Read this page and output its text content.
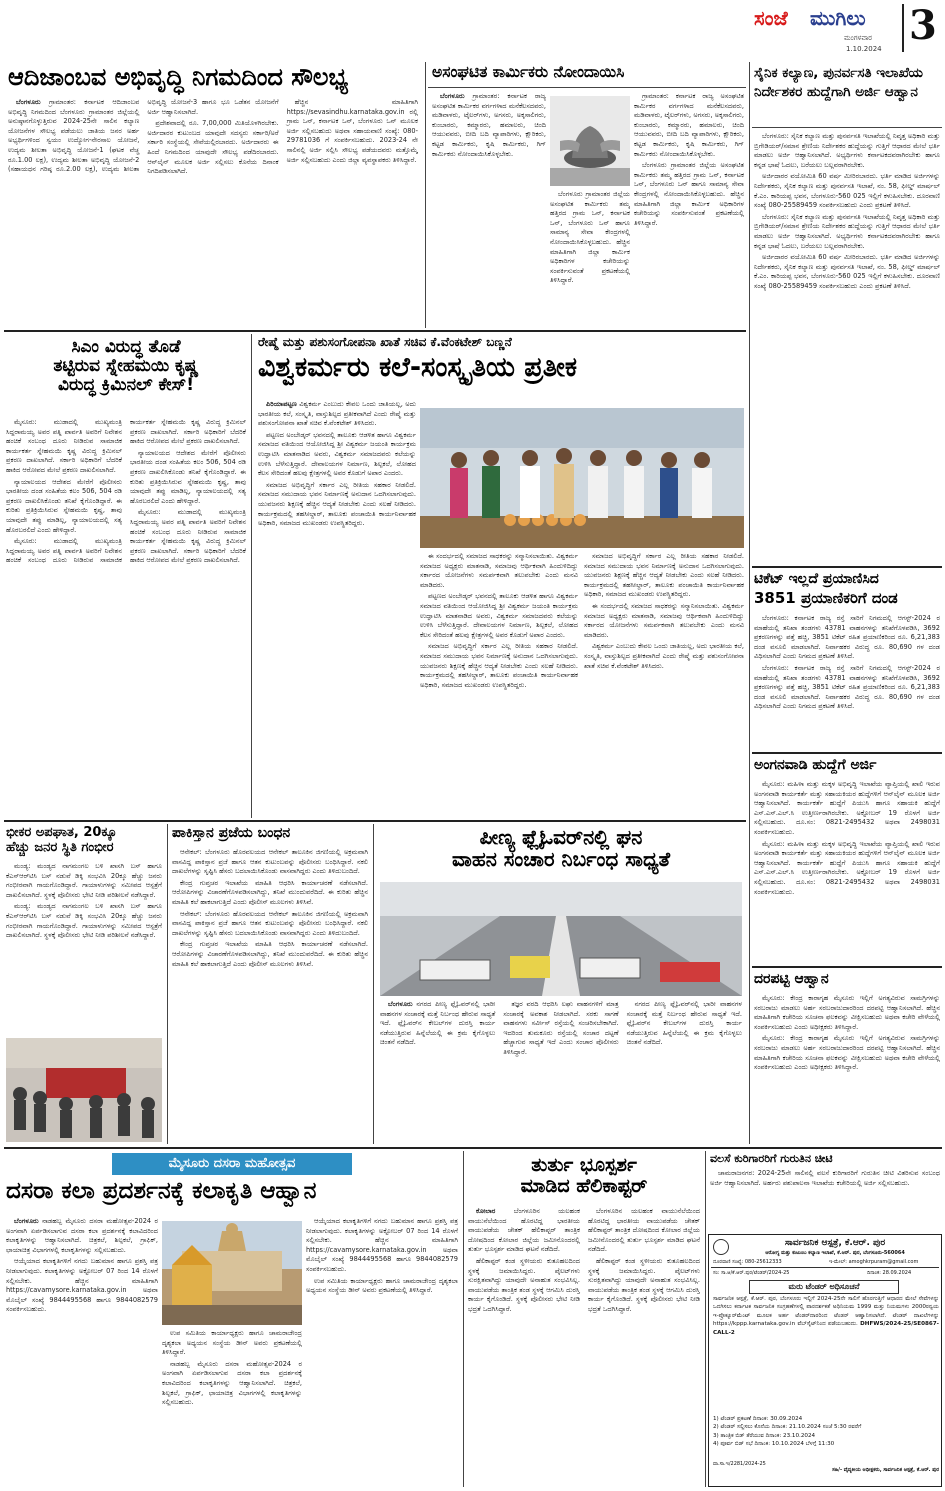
ಸಂಜೆ ಮುಗಿಲು
ಮಂಗಳವಾರ
1.10.2024 3
ಆದಿಜಾಂಬವ ಅಭಿವೃದ್ಧಿ ನಿಗಮದಿಂದ ಸೌಲಭ್ಯ

ಬೆಂಗಳೂರು ಗ್ರಾಮಾಂತರ: ಕರ್ನಾಟಕ ಆದಿಜಾಂಬವ ಅಭಿವೃದ್ಧಿ ನಿಗಮದಿಂದ ಬೆಂಗಳೂರು ಗ್ರಾಮಾಂತರ ಜಿಲ್ಲೆಯಲ್ಲಿ ಅನುಷ್ಠಾನಗೊಳ್ಳುತ್ತಿರುವ 2024-25ನೇ ಸಾಲಿನ ಕಲ್ಯಾಣ ಯೋಜನೆಗಳ ಸೌಲಭ್ಯ ಪಡೆಯಲು ಜಾತಿಯ ಜನರ ಅರ್ಹ ಅಭ್ಯರ್ಥಿಗಳಿಂದ ಸ್ವಯಂ ಉದ್ಯೋಗ-ನೇರಸಾಲ ಯೋಜನೆ, ಉದ್ಯಮ ಶೀಲತಾ ಅಭಿವೃದ್ಧಿ ಯೋಜನೆ-1 (ಘಟಕ ವೆಚ್ಚ ರೂ.1.00 ಲಕ್ಷ), ಉದ್ಯಮ ಶೀಲತಾ ಅಭಿವೃದ್ಧಿ ಯೋಜನೆ-2 (ಸಹಾಯಧನ ಗರಿಷ್ಠ ರೂ.2.00 ಲಕ್ಷ), ಉದ್ಯಮ ಶೀಲತಾ ಅಭಿವೃದ್ಧಿ ಯೋಜನೆ-3 ಹಾಗೂ ಭೂ ಒಡೆತನ ಯೋಜನೆಗೆ ಅರ್ಜಿ ಆಹ್ವಾನಿಸಲಾಗಿದೆ.

ಪ್ರದೇಶವಾದಲ್ಲಿ ರೂ. 7,00,000 ಮಿತಿಯೊಳಗಿರಬೇಕು. ಅರ್ಜಿದಾರರ ಕುಟುಂಬದ ಯಾವುದೇ ಸದಸ್ಯರು ಸರ್ಕಾರಿ/ಅರೆ ಸರ್ಕಾರಿ ಸಂಸ್ಥೆಯಲ್ಲಿ ಸೇವೆಯಲ್ಲಿರಬಾರದು. ಅರ್ಜಿದಾರರು ಈ ಹಿಂದೆ ನಿಗಮದಿಂದ ಯಾವುದೇ ಸೌಲಭ್ಯ ಪಡೆದಿರಬಾರದು. ಆನ್‌ಲೈನ್ ಮೂಲಕ ಅರ್ಜಿ ಸಲ್ಲಿಸಲು ಕೊನೆಯ ದಿನಾಂಕ ನಿಗದಿಪಡಿಸಲಾಗಿದೆ.

ಹೆಚ್ಚಿನ ಮಾಹಿತಿಗಾಗಿ https://sevasindhu.karnataka.gov.in ರಲ್ಲಿ ಗ್ರಾಮ ಒನ್, ಕರ್ನಾಟಕ ಒನ್, ಬೆಂಗಳೂರು ಒನ್ ಮೂಲಕ ಅರ್ಜಿ ಸಲ್ಲಿಸಬಹುದು ಅಥವಾ ಸಹಾಯವಾಣಿ ಸಂಖ್ಯೆ: 080-29781036 ಗೆ ಸಂಪರ್ಕಿಸಬಹುದು. 2023-24 ನೇ ಸಾಲಿನಲ್ಲಿ ಅರ್ಜಿ ಸಲ್ಲಿಸಿ ಸೌಲಭ್ಯ ಪಡೆಯದವರು ಮತ್ತೊಮ್ಮೆ ಅರ್ಜಿ ಸಲ್ಲಿಸಬಹುದು ಎಂದು ಜಿಲ್ಲಾ ವ್ಯವಸ್ಥಾಪಕರು ತಿಳಿಸಿದ್ದಾರೆ.

ಅಸಂಘಟಿತ ಕಾರ್ಮಿಕರು ನೋಂದಾಯಿಸಿ

ಬೆಂಗಳೂರು ಗ್ರಾಮಾಂತರ: ಕರ್ನಾಟಕ ರಾಜ್ಯ ಅಸಂಘಟಿತ ಕಾರ್ಮಿಕರ ವರ್ಗಗಳಾದ ಮನೆಕೆಲಸದವರು, ಮಡಿವಾಳರು, ಟೈಲರ್‌ಗಳು, ಅಗಸರು, ಅಕ್ಕಸಾಲಿಗರು, ಕುಂಬಾರರು, ಕಮ್ಮಾರರು, ಹಮಾಲರು, ಚಿಂದಿ ಆಯುವವರು, ಬೀದಿ ಬದಿ ವ್ಯಾಪಾರಿಗಳು, ಕ್ಷೌರಿಕರು, ಕಟ್ಟಡ ಕಾರ್ಮಿಕರು, ಕೃಷಿ ಕಾರ್ಮಿಕರು, ಗಿಗ್ ಕಾರ್ಮಿಕರು ನೋಂದಾಯಿಸಿಕೊಳ್ಳಬೇಕು.

ಬೆಂಗಳೂರು ಗ್ರಾಮಾಂತರ ಜಿಲ್ಲೆಯ ಅಸಂಘಟಿತ ಕಾರ್ಮಿಕರು ತಮ್ಮ ಹತ್ತಿರದ ಗ್ರಾಮ ಒನ್, ಕರ್ನಾಟಕ ಒನ್, ಬೆಂಗಳೂರು ಒನ್ ಹಾಗೂ ಸಾಮಾನ್ಯ ಸೇವಾ ಕೇಂದ್ರಗಳಲ್ಲಿ ನೋಂದಾಯಿಸಿಕೊಳ್ಳಬಹುದು. ಹೆಚ್ಚಿನ ಮಾಹಿತಿಗಾಗಿ ಜಿಲ್ಲಾ ಕಾರ್ಮಿಕ ಅಧಿಕಾರಿಗಳ ಕಚೇರಿಯನ್ನು ಸಂಪರ್ಕಿಸುವಂತೆ ಪ್ರಕಟಣೆಯಲ್ಲಿ ತಿಳಿಸಿದ್ದಾರೆ.

ಗ್ರಾಮಾಂತರ: ಕರ್ನಾಟಕ ರಾಜ್ಯ ಅಸಂಘಟಿತ ಕಾರ್ಮಿಕರ ವರ್ಗಗಳಾದ ಮನೆಕೆಲಸದವರು, ಮಡಿವಾಳರು, ಟೈಲರ್‌ಗಳು, ಅಗಸರು, ಅಕ್ಕಸಾಲಿಗರು, ಕುಂಬಾರರು, ಕಮ್ಮಾರರು, ಹಮಾಲರು, ಚಿಂದಿ ಆಯುವವರು, ಬೀದಿ ಬದಿ ವ್ಯಾಪಾರಿಗಳು, ಕ್ಷೌರಿಕರು, ಕಟ್ಟಡ ಕಾರ್ಮಿಕರು, ಕೃಷಿ ಕಾರ್ಮಿಕರು, ಗಿಗ್ ಕಾರ್ಮಿಕರು ನೋಂದಾಯಿಸಿಕೊಳ್ಳಬೇಕು.

ಬೆಂಗಳೂರು ಗ್ರಾಮಾಂತರ ಜಿಲ್ಲೆಯ ಅಸಂಘಟಿತ ಕಾರ್ಮಿಕರು ತಮ್ಮ ಹತ್ತಿರದ ಗ್ರಾಮ ಒನ್, ಕರ್ನಾಟಕ ಒನ್, ಬೆಂಗಳೂರು ಒನ್ ಹಾಗೂ ಸಾಮಾನ್ಯ ಸೇವಾ ಕೇಂದ್ರಗಳಲ್ಲಿ ನೋಂದಾಯಿಸಿಕೊಳ್ಳಬಹುದು. ಹೆಚ್ಚಿನ ಮಾಹಿತಿಗಾಗಿ ಜಿಲ್ಲಾ ಕಾರ್ಮಿಕ ಅಧಿಕಾರಿಗಳ ಕಚೇರಿಯನ್ನು ಸಂಪರ್ಕಿಸುವಂತೆ ಪ್ರಕಟಣೆಯಲ್ಲಿ ತಿಳಿಸಿದ್ದಾರೆ.

ಸೈನಿಕ ಕಲ್ಯಾಣ, ಪುನರ್ವಸತಿ ಇಲಾಖೆಯ ನಿರ್ದೇಶಕರ ಹುದ್ದೆಗಾಗಿ ಅರ್ಜಿ ಆಹ್ವಾನ

ಬೆಂಗಳೂರು: ಸೈನಿಕ ಕಲ್ಯಾಣ ಮತ್ತು ಪುನರ್ವಸತಿ ಇಲಾಖೆಯಲ್ಲಿ ನಿವೃತ್ತ ಅಧಿಕಾರಿ ಮತ್ತು ಬ್ರಿಗೇಡಿಯರ್/ಸಮಾನ ಶ್ರೇಣಿಯ ನಿರ್ದೇಶಕರ ಹುದ್ದೆಯನ್ನು ಗುತ್ತಿಗೆ ಆಧಾರದ ಮೇಲೆ ಭರ್ತಿ ಮಾಡಲು ಅರ್ಜಿ ಆಹ್ವಾನಿಸಲಾಗಿದೆ. ಅಭ್ಯರ್ಥಿಗಳು ಕರ್ನಾಟಕದವರಾಗಿರಬೇಕು ಹಾಗೂ ಕನ್ನಡ ಭಾಷೆ ಓದಲು, ಬರೆಯಲು ಬಲ್ಲವರಾಗಿರಬೇಕು.

ಅರ್ಜಿದಾರರ ವಯೋಮಿತಿ 60 ವರ್ಷ ಮೀರಿರಬಾರದು. ಭರ್ತಿ ಮಾಡಿದ ಅರ್ಜಿಗಳನ್ನು ನಿರ್ದೇಶಕರು, ಸೈನಿಕ ಕಲ್ಯಾಣ ಮತ್ತು ಪುನರ್ವಸತಿ ಇಲಾಖೆ, ನಂ. 58, ಫೀಲ್ಡ್ ಮಾರ್ಷಲ್ ಕೆ.ಎಂ. ಕಾರಿಯಪ್ಪ ಭವನ, ಬೆಂಗಳೂರು-560 025 ಇಲ್ಲಿಗೆ ಕಳುಹಿಸಬೇಕು. ದೂರವಾಣಿ ಸಂಖ್ಯೆ 080-25589459 ಸಂಪರ್ಕಿಸಬಹುದು ಎಂದು ಪ್ರಕಟಣೆ ತಿಳಿಸಿದೆ.

ಬೆಂಗಳೂರು: ಸೈನಿಕ ಕಲ್ಯಾಣ ಮತ್ತು ಪುನರ್ವಸತಿ ಇಲಾಖೆಯಲ್ಲಿ ನಿವೃತ್ತ ಅಧಿಕಾರಿ ಮತ್ತು ಬ್ರಿಗೇಡಿಯರ್/ಸಮಾನ ಶ್ರೇಣಿಯ ನಿರ್ದೇಶಕರ ಹುದ್ದೆಯನ್ನು ಗುತ್ತಿಗೆ ಆಧಾರದ ಮೇಲೆ ಭರ್ತಿ ಮಾಡಲು ಅರ್ಜಿ ಆಹ್ವಾನಿಸಲಾಗಿದೆ. ಅಭ್ಯರ್ಥಿಗಳು ಕರ್ನಾಟಕದವರಾಗಿರಬೇಕು ಹಾಗೂ ಕನ್ನಡ ಭಾಷೆ ಓದಲು, ಬರೆಯಲು ಬಲ್ಲವರಾಗಿರಬೇಕು.

ಅರ್ಜಿದಾರರ ವಯೋಮಿತಿ 60 ವರ್ಷ ಮೀರಿರಬಾರದು. ಭರ್ತಿ ಮಾಡಿದ ಅರ್ಜಿಗಳನ್ನು ನಿರ್ದೇಶಕರು, ಸೈನಿಕ ಕಲ್ಯಾಣ ಮತ್ತು ಪುನರ್ವಸತಿ ಇಲಾಖೆ, ನಂ. 58, ಫೀಲ್ಡ್ ಮಾರ್ಷಲ್ ಕೆ.ಎಂ. ಕಾರಿಯಪ್ಪ ಭವನ, ಬೆಂಗಳೂರು-560 025 ಇಲ್ಲಿಗೆ ಕಳುಹಿಸಬೇಕು. ದೂರವಾಣಿ ಸಂಖ್ಯೆ 080-25589459 ಸಂಪರ್ಕಿಸಬಹುದು ಎಂದು ಪ್ರಕಟಣೆ ತಿಳಿಸಿದೆ.

ಟಿಕೆಟ್ ಇಲ್ಲದೆ ಪ್ರಯಾಣಿಸಿದ
3851 ಪ್ರಯಾಣಿಕರಿಗೆ ದಂಡ

ಬೆಂಗಳೂರು: ಕರ್ನಾಟಕ ರಾಜ್ಯ ರಸ್ತೆ ಸಾರಿಗೆ ನಿಗಮದಲ್ಲಿ ಆಗಸ್ಟ್-2024 ರ ಮಾಹೆಯಲ್ಲಿ ತನಿಖಾ ತಂಡಗಳು 43781 ವಾಹನಗಳನ್ನು ತನಿಖೆಗೊಳಪಡಿಸಿ, 3692 ಪ್ರಕರಣಗಳನ್ನು ಪತ್ತೆ ಹಚ್ಚಿ, 3851 ಟಿಕೆಟ್ ರಹಿತ ಪ್ರಯಾಣಿಕರಿಂದ ರೂ. 6,21,383 ದಂಡ ವಸೂಲಿ ಮಾಡಲಾಗಿದೆ. ನಿರ್ವಾಹಕರ ವಿರುದ್ಧ ರೂ. 80,690 ಗಳ ದಂಡ ವಿಧಿಸಲಾಗಿದೆ ಎಂದು ನಿಗಮದ ಪ್ರಕಟಣೆ ತಿಳಿಸಿದೆ.

ಬೆಂಗಳೂರು: ಕರ್ನಾಟಕ ರಾಜ್ಯ ರಸ್ತೆ ಸಾರಿಗೆ ನಿಗಮದಲ್ಲಿ ಆಗಸ್ಟ್-2024 ರ ಮಾಹೆಯಲ್ಲಿ ತನಿಖಾ ತಂಡಗಳು 43781 ವಾಹನಗಳನ್ನು ತನಿಖೆಗೊಳಪಡಿಸಿ, 3692 ಪ್ರಕರಣಗಳನ್ನು ಪತ್ತೆ ಹಚ್ಚಿ, 3851 ಟಿಕೆಟ್ ರಹಿತ ಪ್ರಯಾಣಿಕರಿಂದ ರೂ. 6,21,383 ದಂಡ ವಸೂಲಿ ಮಾಡಲಾಗಿದೆ. ನಿರ್ವಾಹಕರ ವಿರುದ್ಧ ರೂ. 80,690 ಗಳ ದಂಡ ವಿಧಿಸಲಾಗಿದೆ ಎಂದು ನಿಗಮದ ಪ್ರಕಟಣೆ ತಿಳಿಸಿದೆ.

ಅಂಗನವಾಡಿ ಹುದ್ದೆಗೆ ಅರ್ಜಿ

ಮೈಸೂರು: ಮಹಿಳಾ ಮತ್ತು ಮಕ್ಕಳ ಅಭಿವೃದ್ಧಿ ಇಲಾಖೆಯ ವ್ಯಾಪ್ತಿಯಲ್ಲಿ ಖಾಲಿ ಇರುವ ಅಂಗನವಾಡಿ ಕಾರ್ಯಕರ್ತೆ ಮತ್ತು ಸಹಾಯಕಿಯರ ಹುದ್ದೆಗಳಿಗೆ ಆನ್‌ಲೈನ್ ಮೂಲಕ ಅರ್ಜಿ ಆಹ್ವಾನಿಸಲಾಗಿದೆ. ಕಾರ್ಯಕರ್ತೆ ಹುದ್ದೆಗೆ ಪಿಯುಸಿ ಹಾಗೂ ಸಹಾಯಕಿ ಹುದ್ದೆಗೆ ಎಸ್.ಎಸ್.ಎಲ್.ಸಿ ಉತ್ತೀರ್ಣರಾಗಿರಬೇಕು. ಅಕ್ಟೋಬರ್ 19 ರೊಳಗೆ ಅರ್ಜಿ ಸಲ್ಲಿಸಬಹುದು. ದೂ.ಸಂ: 0821-2495432 ಅಥವಾ 2498031 ಸಂಪರ್ಕಿಸಬಹುದು.

ಮೈಸೂರು: ಮಹಿಳಾ ಮತ್ತು ಮಕ್ಕಳ ಅಭಿವೃದ್ಧಿ ಇಲಾಖೆಯ ವ್ಯಾಪ್ತಿಯಲ್ಲಿ ಖಾಲಿ ಇರುವ ಅಂಗನವಾಡಿ ಕಾರ್ಯಕರ್ತೆ ಮತ್ತು ಸಹಾಯಕಿಯರ ಹುದ್ದೆಗಳಿಗೆ ಆನ್‌ಲೈನ್ ಮೂಲಕ ಅರ್ಜಿ ಆಹ್ವಾನಿಸಲಾಗಿದೆ. ಕಾರ್ಯಕರ್ತೆ ಹುದ್ದೆಗೆ ಪಿಯುಸಿ ಹಾಗೂ ಸಹಾಯಕಿ ಹುದ್ದೆಗೆ ಎಸ್.ಎಸ್.ಎಲ್.ಸಿ ಉತ್ತೀರ್ಣರಾಗಿರಬೇಕು. ಅಕ್ಟೋಬರ್ 19 ರೊಳಗೆ ಅರ್ಜಿ ಸಲ್ಲಿಸಬಹುದು. ದೂ.ಸಂ: 0821-2495432 ಅಥವಾ 2498031 ಸಂಪರ್ಕಿಸಬಹುದು.

ದರಪಟ್ಟಿ ಆಹ್ವಾನ

ಮೈಸೂರು: ಕೇಂದ್ರ ಕಾರಾಗೃಹ ಮೈಸೂರು ಇಲ್ಲಿಗೆ ಅಗತ್ಯವಿರುವ ಸಾಮಗ್ರಿಗಳನ್ನು ಸರಬರಾಜು ಮಾಡಲು ಅರ್ಹ ಸರಬರಾಜುದಾರರಿಂದ ದರಪಟ್ಟಿ ಆಹ್ವಾನಿಸಲಾಗಿದೆ. ಹೆಚ್ಚಿನ ಮಾಹಿತಿಗಾಗಿ ಕಚೇರಿಯ ಸೂಚನಾ ಫಲಕವನ್ನು ವೀಕ್ಷಿಸಬಹುದು ಅಥವಾ ಕಚೇರಿ ವೇಳೆಯಲ್ಲಿ ಸಂಪರ್ಕಿಸಬಹುದು ಎಂದು ಅಧೀಕ್ಷಕರು ತಿಳಿಸಿದ್ದಾರೆ.

ಮೈಸೂರು: ಕೇಂದ್ರ ಕಾರಾಗೃಹ ಮೈಸೂರು ಇಲ್ಲಿಗೆ ಅಗತ್ಯವಿರುವ ಸಾಮಗ್ರಿಗಳನ್ನು ಸರಬರಾಜು ಮಾಡಲು ಅರ್ಹ ಸರಬರಾಜುದಾರರಿಂದ ದರಪಟ್ಟಿ ಆಹ್ವಾನಿಸಲಾಗಿದೆ. ಹೆಚ್ಚಿನ ಮಾಹಿತಿಗಾಗಿ ಕಚೇರಿಯ ಸೂಚನಾ ಫಲಕವನ್ನು ವೀಕ್ಷಿಸಬಹುದು ಅಥವಾ ಕಚೇರಿ ವೇಳೆಯಲ್ಲಿ ಸಂಪರ್ಕಿಸಬಹುದು ಎಂದು ಅಧೀಕ್ಷಕರು ತಿಳಿಸಿದ್ದಾರೆ.

ಸಿಎಂ ವಿರುದ್ಧ ತೊಡೆ
ತಟ್ಟಿರುವ ಸ್ನೇಹಮಯಿ ಕೃಷ್ಣ
ವಿರುದ್ಧ ಕ್ರಿಮಿನಲ್ ಕೇಸ್!

ಮೈಸೂರು: ಮುಡಾದಲ್ಲಿ ಮುಖ್ಯಮಂತ್ರಿ ಸಿದ್ದರಾಮಯ್ಯ ಅವರ ಪತ್ನಿ ಪಾರ್ವತಿ ಅವರಿಗೆ ನಿವೇಶನ ಹಂಚಿಕೆ ಸಂಬಂಧ ದೂರು ನೀಡಿರುವ ಸಾಮಾಜಿಕ ಕಾರ್ಯಕರ್ತ ಸ್ನೇಹಮಯಿ ಕೃಷ್ಣ ವಿರುದ್ಧ ಕ್ರಿಮಿನಲ್ ಪ್ರಕರಣ ದಾಖಲಾಗಿದೆ. ಸರ್ಕಾರಿ ಅಧಿಕಾರಿಗೆ ಬೆದರಿಕೆ ಹಾಕಿದ ಆರೋಪದ ಮೇಲೆ ಪ್ರಕರಣ ದಾಖಲಿಸಲಾಗಿದೆ.

ನ್ಯಾಯಾಲಯದ ಆದೇಶದ ಮೇರೆಗೆ ಪೊಲೀಸರು ಭಾರತೀಯ ದಂಡ ಸಂಹಿತೆಯ ಕಲಂ 506, 504 ರಡಿ ಪ್ರಕರಣ ದಾಖಲಿಸಿಕೊಂಡು ತನಿಖೆ ಕೈಗೊಂಡಿದ್ದಾರೆ. ಈ ಕುರಿತು ಪ್ರತಿಕ್ರಿಯಿಸಿರುವ ಸ್ನೇಹಮಯಿ ಕೃಷ್ಣ, ತಾವು ಯಾವುದೇ ತಪ್ಪು ಮಾಡಿಲ್ಲ, ನ್ಯಾಯಾಲಯದಲ್ಲಿ ಸತ್ಯ ಹೊರಬರಲಿದೆ ಎಂದು ಹೇಳಿದ್ದಾರೆ.

ಮೈಸೂರು: ಮುಡಾದಲ್ಲಿ ಮುಖ್ಯಮಂತ್ರಿ ಸಿದ್ದರಾಮಯ್ಯ ಅವರ ಪತ್ನಿ ಪಾರ್ವತಿ ಅವರಿಗೆ ನಿವೇಶನ ಹಂಚಿಕೆ ಸಂಬಂಧ ದೂರು ನೀಡಿರುವ ಸಾಮಾಜಿಕ ಕಾರ್ಯಕರ್ತ ಸ್ನೇಹಮಯಿ ಕೃಷ್ಣ ವಿರುದ್ಧ ಕ್ರಿಮಿನಲ್ ಪ್ರಕರಣ ದಾಖಲಾಗಿದೆ. ಸರ್ಕಾರಿ ಅಧಿಕಾರಿಗೆ ಬೆದರಿಕೆ ಹಾಕಿದ ಆರೋಪದ ಮೇಲೆ ಪ್ರಕರಣ ದಾಖಲಿಸಲಾಗಿದೆ.

ನ್ಯಾಯಾಲಯದ ಆದೇಶದ ಮೇರೆಗೆ ಪೊಲೀಸರು ಭಾರತೀಯ ದಂಡ ಸಂಹಿತೆಯ ಕಲಂ 506, 504 ರಡಿ ಪ್ರಕರಣ ದಾಖಲಿಸಿಕೊಂಡು ತನಿಖೆ ಕೈಗೊಂಡಿದ್ದಾರೆ. ಈ ಕುರಿತು ಪ್ರತಿಕ್ರಿಯಿಸಿರುವ ಸ್ನೇಹಮಯಿ ಕೃಷ್ಣ, ತಾವು ಯಾವುದೇ ತಪ್ಪು ಮಾಡಿಲ್ಲ, ನ್ಯಾಯಾಲಯದಲ್ಲಿ ಸತ್ಯ ಹೊರಬರಲಿದೆ ಎಂದು ಹೇಳಿದ್ದಾರೆ.

ಮೈಸೂರು: ಮುಡಾದಲ್ಲಿ ಮುಖ್ಯಮಂತ್ರಿ ಸಿದ್ದರಾಮಯ್ಯ ಅವರ ಪತ್ನಿ ಪಾರ್ವತಿ ಅವರಿಗೆ ನಿವೇಶನ ಹಂಚಿಕೆ ಸಂಬಂಧ ದೂರು ನೀಡಿರುವ ಸಾಮಾಜಿಕ ಕಾರ್ಯಕರ್ತ ಸ್ನೇಹಮಯಿ ಕೃಷ್ಣ ವಿರುದ್ಧ ಕ್ರಿಮಿನಲ್ ಪ್ರಕರಣ ದಾಖಲಾಗಿದೆ. ಸರ್ಕಾರಿ ಅಧಿಕಾರಿಗೆ ಬೆದರಿಕೆ ಹಾಕಿದ ಆರೋಪದ ಮೇಲೆ ಪ್ರಕರಣ ದಾಖಲಿಸಲಾಗಿದೆ.

ರೇಷ್ಮೆ ಮತ್ತು ಪಶುಸಂಗೋಪನಾ ಖಾತೆ ಸಚಿವ ಕೆ.ವೆಂಕಟೇಶ್ ಬಣ್ಣನೆ
ವಿಶ್ವಕರ್ಮರು ಕಲೆ-ಸಂಸ್ಕೃತಿಯ ಪ್ರತೀಕ

ಪಿರಿಯಾಪಟ್ಟಣ ವಿಶ್ವಕರ್ಮ ಎಂಬುದು ಕೇವಲ ಒಂದು ಜಾತಿಯಲ್ಲ, ಅದು ಭಾರತೀಯ ಕಲೆ, ಸಂಸ್ಕೃತಿ, ವಾಸ್ತುಶಿಲ್ಪದ ಪ್ರತೀಕವಾಗಿದೆ ಎಂದು ರೇಷ್ಮೆ ಮತ್ತು ಪಶುಸಂಗೋಪನಾ ಖಾತೆ ಸಚಿವ ಕೆ.ವೆಂಕಟೇಶ್ ತಿಳಿಸಿದರು.

ಪಟ್ಟಣದ ಅಂಬೇಡ್ಕರ್ ಭವನದಲ್ಲಿ ತಾಲೂಕು ಆಡಳಿತ ಹಾಗೂ ವಿಶ್ವಕರ್ಮ ಸಮಾಜದ ವತಿಯಿಂದ ಆಯೋಜಿಸಿದ್ದ ಶ್ರೀ ವಿಶ್ವಕರ್ಮ ಜಯಂತಿ ಕಾರ್ಯಕ್ರಮ ಉದ್ಘಾಟಿಸಿ ಮಾತನಾಡಿದ ಅವರು, ವಿಶ್ವಕರ್ಮ ಸಮಾಜದವರು ಕಲೆಯನ್ನು ಉಳಿಸಿ ಬೆಳೆಸುತ್ತಿದ್ದಾರೆ. ದೇವಾಲಯಗಳ ನಿರ್ಮಾಣ, ಶಿಲ್ಪಕಲೆ, ಲೋಹದ ಕೆಲಸ ಸೇರಿದಂತೆ ಹಲವು ಕ್ಷೇತ್ರಗಳಲ್ಲಿ ಅವರ ಕೊಡುಗೆ ಅಪಾರ ಎಂದರು.

ಸಮಾಜದ ಅಭಿವೃದ್ಧಿಗೆ ಸರ್ಕಾರ ಎಲ್ಲ ರೀತಿಯ ಸಹಕಾರ ನೀಡಲಿದೆ. ಸಮಾಜದ ಸಮುದಾಯ ಭವನ ನಿರ್ಮಾಣಕ್ಕೆ ಅನುದಾನ ಒದಗಿಸಲಾಗುವುದು. ಯುವಜನರು ಶಿಕ್ಷಣಕ್ಕೆ ಹೆಚ್ಚಿನ ಆದ್ಯತೆ ನೀಡಬೇಕು ಎಂದು ಸಲಹೆ ನೀಡಿದರು. ಕಾರ್ಯಕ್ರಮದಲ್ಲಿ ತಹಸೀಲ್ದಾರ್, ತಾಲೂಕು ಪಂಚಾಯಿತಿ ಕಾರ್ಯನಿರ್ವಾಹಕ ಅಧಿಕಾರಿ, ಸಮಾಜದ ಮುಖಂಡರು ಉಪಸ್ಥಿತರಿದ್ದರು.

ಈ ಸಂದರ್ಭದಲ್ಲಿ ಸಮಾಜದ ಸಾಧಕರನ್ನು ಸನ್ಮಾನಿಸಲಾಯಿತು. ವಿಶ್ವಕರ್ಮ ಸಮಾಜದ ಅಧ್ಯಕ್ಷರು ಮಾತನಾಡಿ, ಸಮಾಜವು ಆರ್ಥಿಕವಾಗಿ ಹಿಂದುಳಿದಿದ್ದು ಸರ್ಕಾರದ ಯೋಜನೆಗಳು ಸಮರ್ಪಕವಾಗಿ ತಲುಪಬೇಕು ಎಂದು ಮನವಿ ಮಾಡಿದರು.

ಪಟ್ಟಣದ ಅಂಬೇಡ್ಕರ್ ಭವನದಲ್ಲಿ ತಾಲೂಕು ಆಡಳಿತ ಹಾಗೂ ವಿಶ್ವಕರ್ಮ ಸಮಾಜದ ವತಿಯಿಂದ ಆಯೋಜಿಸಿದ್ದ ಶ್ರೀ ವಿಶ್ವಕರ್ಮ ಜಯಂತಿ ಕಾರ್ಯಕ್ರಮ ಉದ್ಘಾಟಿಸಿ ಮಾತನಾಡಿದ ಅವರು, ವಿಶ್ವಕರ್ಮ ಸಮಾಜದವರು ಕಲೆಯನ್ನು ಉಳಿಸಿ ಬೆಳೆಸುತ್ತಿದ್ದಾರೆ. ದೇವಾಲಯಗಳ ನಿರ್ಮಾಣ, ಶಿಲ್ಪಕಲೆ, ಲೋಹದ ಕೆಲಸ ಸೇರಿದಂತೆ ಹಲವು ಕ್ಷೇತ್ರಗಳಲ್ಲಿ ಅವರ ಕೊಡುಗೆ ಅಪಾರ ಎಂದರು.

ಸಮಾಜದ ಅಭಿವೃದ್ಧಿಗೆ ಸರ್ಕಾರ ಎಲ್ಲ ರೀತಿಯ ಸಹಕಾರ ನೀಡಲಿದೆ. ಸಮಾಜದ ಸಮುದಾಯ ಭವನ ನಿರ್ಮಾಣಕ್ಕೆ ಅನುದಾನ ಒದಗಿಸಲಾಗುವುದು. ಯುವಜನರು ಶಿಕ್ಷಣಕ್ಕೆ ಹೆಚ್ಚಿನ ಆದ್ಯತೆ ನೀಡಬೇಕು ಎಂದು ಸಲಹೆ ನೀಡಿದರು. ಕಾರ್ಯಕ್ರಮದಲ್ಲಿ ತಹಸೀಲ್ದಾರ್, ತಾಲೂಕು ಪಂಚಾಯಿತಿ ಕಾರ್ಯನಿರ್ವಾಹಕ ಅಧಿಕಾರಿ, ಸಮಾಜದ ಮುಖಂಡರು ಉಪಸ್ಥಿತರಿದ್ದರು.

ಸಮಾಜದ ಅಭಿವೃದ್ಧಿಗೆ ಸರ್ಕಾರ ಎಲ್ಲ ರೀತಿಯ ಸಹಕಾರ ನೀಡಲಿದೆ. ಸಮಾಜದ ಸಮುದಾಯ ಭವನ ನಿರ್ಮಾಣಕ್ಕೆ ಅನುದಾನ ಒದಗಿಸಲಾಗುವುದು. ಯುವಜನರು ಶಿಕ್ಷಣಕ್ಕೆ ಹೆಚ್ಚಿನ ಆದ್ಯತೆ ನೀಡಬೇಕು ಎಂದು ಸಲಹೆ ನೀಡಿದರು. ಕಾರ್ಯಕ್ರಮದಲ್ಲಿ ತಹಸೀಲ್ದಾರ್, ತಾಲೂಕು ಪಂಚಾಯಿತಿ ಕಾರ್ಯನಿರ್ವಾಹಕ ಅಧಿಕಾರಿ, ಸಮಾಜದ ಮುಖಂಡರು ಉಪಸ್ಥಿತರಿದ್ದರು.

ಈ ಸಂದರ್ಭದಲ್ಲಿ ಸಮಾಜದ ಸಾಧಕರನ್ನು ಸನ್ಮಾನಿಸಲಾಯಿತು. ವಿಶ್ವಕರ್ಮ ಸಮಾಜದ ಅಧ್ಯಕ್ಷರು ಮಾತನಾಡಿ, ಸಮಾಜವು ಆರ್ಥಿಕವಾಗಿ ಹಿಂದುಳಿದಿದ್ದು ಸರ್ಕಾರದ ಯೋಜನೆಗಳು ಸಮರ್ಪಕವಾಗಿ ತಲುಪಬೇಕು ಎಂದು ಮನವಿ ಮಾಡಿದರು.

ವಿಶ್ವಕರ್ಮ ಎಂಬುದು ಕೇವಲ ಒಂದು ಜಾತಿಯಲ್ಲ, ಅದು ಭಾರತೀಯ ಕಲೆ, ಸಂಸ್ಕೃತಿ, ವಾಸ್ತುಶಿಲ್ಪದ ಪ್ರತೀಕವಾಗಿದೆ ಎಂದು ರೇಷ್ಮೆ ಮತ್ತು ಪಶುಸಂಗೋಪನಾ ಖಾತೆ ಸಚಿವ ಕೆ.ವೆಂಕಟೇಶ್ ತಿಳಿಸಿದರು.

ಭೀಕರ ಅಪಘಾತ, 20ಕ್ಕೂ
ಹೆಚ್ಚು ಜನರ ಸ್ಥಿತಿ ಗಂಭೀರ

ಮಂಡ್ಯ: ಮಂಡ್ಯದ ನಾಗಮಂಗಲ ಬಳಿ ಖಾಸಗಿ ಬಸ್ ಹಾಗೂ ಕೆಎಸ್‌ಆರ್‌ಟಿಸಿ ಬಸ್ ನಡುವೆ ಡಿಕ್ಕಿ ಸಂಭವಿಸಿ 20ಕ್ಕೂ ಹೆಚ್ಚು ಜನರು ಗಂಭೀರವಾಗಿ ಗಾಯಗೊಂಡಿದ್ದಾರೆ. ಗಾಯಾಳುಗಳನ್ನು ಸಮೀಪದ ಆಸ್ಪತ್ರೆಗೆ ದಾಖಲಿಸಲಾಗಿದೆ. ಸ್ಥಳಕ್ಕೆ ಪೊಲೀಸರು ಭೇಟಿ ನೀಡಿ ಪರಿಶೀಲನೆ ನಡೆಸಿದ್ದಾರೆ.

ಮಂಡ್ಯ: ಮಂಡ್ಯದ ನಾಗಮಂಗಲ ಬಳಿ ಖಾಸಗಿ ಬಸ್ ಹಾಗೂ ಕೆಎಸ್‌ಆರ್‌ಟಿಸಿ ಬಸ್ ನಡುವೆ ಡಿಕ್ಕಿ ಸಂಭವಿಸಿ 20ಕ್ಕೂ ಹೆಚ್ಚು ಜನರು ಗಂಭೀರವಾಗಿ ಗಾಯಗೊಂಡಿದ್ದಾರೆ. ಗಾಯಾಳುಗಳನ್ನು ಸಮೀಪದ ಆಸ್ಪತ್ರೆಗೆ ದಾಖಲಿಸಲಾಗಿದೆ. ಸ್ಥಳಕ್ಕೆ ಪೊಲೀಸರು ಭೇಟಿ ನೀಡಿ ಪರಿಶೀಲನೆ ನಡೆಸಿದ್ದಾರೆ.

ಪಾಕಿಸ್ತಾನ ಪ್ರಜೆಯ ಬಂಧನ

ಆನೇಕಲ್: ಬೆಂಗಳೂರು ಹೊರವಲಯದ ಆನೇಕಲ್ ತಾಲೂಕಿನ ಜಿಗಣಿಯಲ್ಲಿ ಅಕ್ರಮವಾಗಿ ವಾಸವಿದ್ದ ಪಾಕಿಸ್ತಾನ ಪ್ರಜೆ ಹಾಗೂ ಆತನ ಕುಟುಂಬವನ್ನು ಪೊಲೀಸರು ಬಂಧಿಸಿದ್ದಾರೆ. ನಕಲಿ ದಾಖಲೆಗಳನ್ನು ಸೃಷ್ಟಿಸಿ ಹೆಸರು ಬದಲಾಯಿಸಿಕೊಂಡು ವಾಸವಾಗಿದ್ದರು ಎಂದು ತಿಳಿದುಬಂದಿದೆ.

ಕೇಂದ್ರ ಗುಪ್ತಚರ ಇಲಾಖೆಯ ಮಾಹಿತಿ ಆಧರಿಸಿ ಕಾರ್ಯಾಚರಣೆ ನಡೆಸಲಾಗಿದೆ. ಆರೋಪಿಗಳನ್ನು ವಿಚಾರಣೆಗೊಳಪಡಿಸಲಾಗಿದ್ದು, ತನಿಖೆ ಮುಂದುವರೆದಿದೆ. ಈ ಕುರಿತು ಹೆಚ್ಚಿನ ಮಾಹಿತಿ ಕಲೆ ಹಾಕಲಾಗುತ್ತಿದೆ ಎಂದು ಪೊಲೀಸ್ ಮೂಲಗಳು ತಿಳಿಸಿವೆ.

ಆನೇಕಲ್: ಬೆಂಗಳೂರು ಹೊರವಲಯದ ಆನೇಕಲ್ ತಾಲೂಕಿನ ಜಿಗಣಿಯಲ್ಲಿ ಅಕ್ರಮವಾಗಿ ವಾಸವಿದ್ದ ಪಾಕಿಸ್ತಾನ ಪ್ರಜೆ ಹಾಗೂ ಆತನ ಕುಟುಂಬವನ್ನು ಪೊಲೀಸರು ಬಂಧಿಸಿದ್ದಾರೆ. ನಕಲಿ ದಾಖಲೆಗಳನ್ನು ಸೃಷ್ಟಿಸಿ ಹೆಸರು ಬದಲಾಯಿಸಿಕೊಂಡು ವಾಸವಾಗಿದ್ದರು ಎಂದು ತಿಳಿದುಬಂದಿದೆ.

ಕೇಂದ್ರ ಗುಪ್ತಚರ ಇಲಾಖೆಯ ಮಾಹಿತಿ ಆಧರಿಸಿ ಕಾರ್ಯಾಚರಣೆ ನಡೆಸಲಾಗಿದೆ. ಆರೋಪಿಗಳನ್ನು ವಿಚಾರಣೆಗೊಳಪಡಿಸಲಾಗಿದ್ದು, ತನಿಖೆ ಮುಂದುವರೆದಿದೆ. ಈ ಕುರಿತು ಹೆಚ್ಚಿನ ಮಾಹಿತಿ ಕಲೆ ಹಾಕಲಾಗುತ್ತಿದೆ ಎಂದು ಪೊಲೀಸ್ ಮೂಲಗಳು ತಿಳಿಸಿವೆ.

ಪೀಣ್ಯ ಫ್ಲೈಓವರ್‌ನಲ್ಲಿ ಘನ
ವಾಹನ ಸಂಚಾರ ನಿರ್ಬಂಧ ಸಾಧ್ಯತೆ

ಬೆಂಗಳೂರು ನಗರದ ಪೀಣ್ಯ ಫ್ಲೈಓವರ್‌ನಲ್ಲಿ ಭಾರೀ ವಾಹನಗಳ ಸಂಚಾರಕ್ಕೆ ಮತ್ತೆ ನಿರ್ಬಂಧ ಹೇರುವ ಸಾಧ್ಯತೆ ಇದೆ. ಫ್ಲೈಓವರ್‌ನ ಕೇಬಲ್‌ಗಳ ದುರಸ್ತಿ ಕಾರ್ಯ ನಡೆಯುತ್ತಿರುವ ಹಿನ್ನೆಲೆಯಲ್ಲಿ ಈ ಕ್ರಮ ಕೈಗೊಳ್ಳಲು ಚಿಂತನೆ ನಡೆದಿದೆ.

ತಜ್ಞರ ವರದಿ ಆಧರಿಸಿ ಲಘು ವಾಹನಗಳಿಗೆ ಮಾತ್ರ ಸಂಚಾರಕ್ಕೆ ಅವಕಾಶ ನೀಡಲಾಗಿದೆ. ಸರಕು ಸಾಗಣೆ ವಾಹನಗಳು ಸರ್ವೀಸ್ ರಸ್ತೆಯಲ್ಲಿ ಸಂಚರಿಸಬೇಕಾಗಿದೆ. ಇದರಿಂದ ತುಮಕೂರು ರಸ್ತೆಯಲ್ಲಿ ಸಂಚಾರ ದಟ್ಟಣೆ ಹೆಚ್ಚಾಗುವ ಸಾಧ್ಯತೆ ಇದೆ ಎಂದು ಸಂಚಾರ ಪೊಲೀಸರು ತಿಳಿಸಿದ್ದಾರೆ.

ನಗರದ ಪೀಣ್ಯ ಫ್ಲೈಓವರ್‌ನಲ್ಲಿ ಭಾರೀ ವಾಹನಗಳ ಸಂಚಾರಕ್ಕೆ ಮತ್ತೆ ನಿರ್ಬಂಧ ಹೇರುವ ಸಾಧ್ಯತೆ ಇದೆ. ಫ್ಲೈಓವರ್‌ನ ಕೇಬಲ್‌ಗಳ ದುರಸ್ತಿ ಕಾರ್ಯ ನಡೆಯುತ್ತಿರುವ ಹಿನ್ನೆಲೆಯಲ್ಲಿ ಈ ಕ್ರಮ ಕೈಗೊಳ್ಳಲು ಚಿಂತನೆ ನಡೆದಿದೆ.

ಮೈಸೂರು ದಸರಾ ಮಹೋತ್ಸವ
ದಸರಾ ಕಲಾ ಪ್ರದರ್ಶನಕ್ಕೆ ಕಲಾಕೃತಿ ಆಹ್ವಾನ

ಬೆಂಗಳೂರು ನಾಡಹಬ್ಬ ಮೈಸೂರು ದಸರಾ ಮಹೋತ್ಸವ-2024 ರ ಅಂಗವಾಗಿ ಏರ್ಪಡಿಸಲಾಗುವ ದಸರಾ ಕಲಾ ಪ್ರದರ್ಶನಕ್ಕೆ ಕಲಾವಿದರಿಂದ ಕಲಾಕೃತಿಗಳನ್ನು ಆಹ್ವಾನಿಸಲಾಗಿದೆ. ಚಿತ್ರಕಲೆ, ಶಿಲ್ಪಕಲೆ, ಗ್ರಾಫಿಕ್, ಛಾಯಾಚಿತ್ರ ವಿಭಾಗಗಳಲ್ಲಿ ಕಲಾಕೃತಿಗಳನ್ನು ಸಲ್ಲಿಸಬಹುದು.

ಆಯ್ಕೆಯಾದ ಕಲಾಕೃತಿಗಳಿಗೆ ನಗದು ಬಹುಮಾನ ಹಾಗೂ ಪ್ರಶಸ್ತಿ ಪತ್ರ ನೀಡಲಾಗುವುದು. ಕಲಾಕೃತಿಗಳನ್ನು ಅಕ್ಟೋಬರ್ 07 ರಿಂದ 14 ರೊಳಗೆ ಸಲ್ಲಿಸಬೇಕು. ಹೆಚ್ಚಿನ ಮಾಹಿತಿಗಾಗಿ https://cavamysore.karnataka.gov.in ಅಥವಾ ಮೊಬೈಲ್ ಸಂಖ್ಯೆ 9844495568 ಹಾಗೂ 9844082579 ಸಂಪರ್ಕಿಸಬಹುದು.

ಆಯ್ಕೆಯಾದ ಕಲಾಕೃತಿಗಳಿಗೆ ನಗದು ಬಹುಮಾನ ಹಾಗೂ ಪ್ರಶಸ್ತಿ ಪತ್ರ ನೀಡಲಾಗುವುದು. ಕಲಾಕೃತಿಗಳನ್ನು ಅಕ್ಟೋಬರ್ 07 ರಿಂದ 14 ರೊಳಗೆ ಸಲ್ಲಿಸಬೇಕು. ಹೆಚ್ಚಿನ ಮಾಹಿತಿಗಾಗಿ https://cavamysore.karnataka.gov.in ಅಥವಾ ಮೊಬೈಲ್ ಸಂಖ್ಯೆ 9844495568 ಹಾಗೂ 9844082579 ಸಂಪರ್ಕಿಸಬಹುದು.

ಉಪ ಸಮಿತಿಯ ಕಾರ್ಯಾಧ್ಯಕ್ಷರು ಹಾಗೂ ಚಾಮರಾಜೇಂದ್ರ ದೃಶ್ಯಕಲಾ ಅಧ್ಯಯನ ಸಂಸ್ಥೆಯ ಡೀನ್ ಅವರು ಪ್ರಕಟಣೆಯಲ್ಲಿ ತಿಳಿಸಿದ್ದಾರೆ.

ಉಪ ಸಮಿತಿಯ ಕಾರ್ಯಾಧ್ಯಕ್ಷರು ಹಾಗೂ ಚಾಮರಾಜೇಂದ್ರ ದೃಶ್ಯಕಲಾ ಅಧ್ಯಯನ ಸಂಸ್ಥೆಯ ಡೀನ್ ಅವರು ಪ್ರಕಟಣೆಯಲ್ಲಿ ತಿಳಿಸಿದ್ದಾರೆ.

ನಾಡಹಬ್ಬ ಮೈಸೂರು ದಸರಾ ಮಹೋತ್ಸವ-2024 ರ ಅಂಗವಾಗಿ ಏರ್ಪಡಿಸಲಾಗುವ ದಸರಾ ಕಲಾ ಪ್ರದರ್ಶನಕ್ಕೆ ಕಲಾವಿದರಿಂದ ಕಲಾಕೃತಿಗಳನ್ನು ಆಹ್ವಾನಿಸಲಾಗಿದೆ. ಚಿತ್ರಕಲೆ, ಶಿಲ್ಪಕಲೆ, ಗ್ರಾಫಿಕ್, ಛಾಯಾಚಿತ್ರ ವಿಭಾಗಗಳಲ್ಲಿ ಕಲಾಕೃತಿಗಳನ್ನು ಸಲ್ಲಿಸಬಹುದು.

ತುರ್ತು ಭೂಸ್ಪರ್ಶ
ಮಾಡಿದ ಹೆಲಿಕಾಪ್ಟರ್

ಕೋಲಾರ	ಬೆಂಗಳೂರಿನ ಯಲಹಂಕ ವಾಯುನೆಲೆಯಿಂದ ಹೊರಟಿದ್ದ ಭಾರತೀಯ ವಾಯುಪಡೆಯ ಚೇತಕ್ ಹೆಲಿಕಾಪ್ಟರ್ ತಾಂತ್ರಿಕ ದೋಷದಿಂದ ಕೋಲಾರ ಜಿಲ್ಲೆಯ ಜಮೀನೊಂದರಲ್ಲಿ ತುರ್ತು ಭೂಸ್ಪರ್ಶ ಮಾಡಿದ ಘಟನೆ ನಡೆದಿದೆ.

ಹೆಲಿಕಾಪ್ಟರ್ ಕಂಡ ಸ್ಥಳೀಯರು ಕುತೂಹಲದಿಂದ ಸ್ಥಳಕ್ಕೆ ಜಮಾಯಿಸಿದ್ದರು. ಪೈಲಟ್‌ಗಳು ಸುರಕ್ಷಿತವಾಗಿದ್ದು ಯಾವುದೇ ಅನಾಹುತ ಸಂಭವಿಸಿಲ್ಲ. ವಾಯುಪಡೆಯ ತಾಂತ್ರಿಕ ತಂಡ ಸ್ಥಳಕ್ಕೆ ಆಗಮಿಸಿ ದುರಸ್ತಿ ಕಾರ್ಯ ಕೈಗೊಂಡಿದೆ. ಸ್ಥಳಕ್ಕೆ ಪೊಲೀಸರು ಭೇಟಿ ನೀಡಿ ಭದ್ರತೆ ಒದಗಿಸಿದ್ದಾರೆ.

ಬೆಂಗಳೂರಿನ ಯಲಹಂಕ ವಾಯುನೆಲೆಯಿಂದ ಹೊರಟಿದ್ದ ಭಾರತೀಯ ವಾಯುಪಡೆಯ ಚೇತಕ್ ಹೆಲಿಕಾಪ್ಟರ್ ತಾಂತ್ರಿಕ ದೋಷದಿಂದ ಕೋಲಾರ ಜಿಲ್ಲೆಯ ಜಮೀನೊಂದರಲ್ಲಿ ತುರ್ತು ಭೂಸ್ಪರ್ಶ ಮಾಡಿದ ಘಟನೆ ನಡೆದಿದೆ.

ಹೆಲಿಕಾಪ್ಟರ್ ಕಂಡ ಸ್ಥಳೀಯರು ಕುತೂಹಲದಿಂದ ಸ್ಥಳಕ್ಕೆ ಜಮಾಯಿಸಿದ್ದರು. ಪೈಲಟ್‌ಗಳು ಸುರಕ್ಷಿತವಾಗಿದ್ದು ಯಾವುದೇ ಅನಾಹುತ ಸಂಭವಿಸಿಲ್ಲ. ವಾಯುಪಡೆಯ ತಾಂತ್ರಿಕ ತಂಡ ಸ್ಥಳಕ್ಕೆ ಆಗಮಿಸಿ ದುರಸ್ತಿ ಕಾರ್ಯ ಕೈಗೊಂಡಿದೆ. ಸ್ಥಳಕ್ಕೆ ಪೊಲೀಸರು ಭೇಟಿ ನೀಡಿ ಭದ್ರತೆ ಒದಗಿಸಿದ್ದಾರೆ.

ವಲಸೆ ಕುರಿಗಾರರಿಗೆ ಗುರುತಿನ ಚೀಟಿ

ಚಾಮರಾಜನಗರ: 2024-25ನೇ ಸಾಲಿನಲ್ಲಿ ವಲಸೆ ಕುರಿಗಾರರಿಗೆ ಗುರುತಿನ ಚೀಟಿ ವಿತರಿಸುವ ಸಂಬಂಧ ಅರ್ಜಿ ಆಹ್ವಾನಿಸಲಾಗಿದೆ. ಅರ್ಹರು ಪಶುಪಾಲನಾ ಇಲಾಖೆಯ ಕಚೇರಿಯಲ್ಲಿ ಅರ್ಜಿ ಸಲ್ಲಿಸಬಹುದು.

ಸಾರ್ವಜನಿಕ ಆಸ್ಪತ್ರೆ, ಕೆ.ಆರ್. ಪುರ
ಆರೋಗ್ಯ ಮತ್ತು ಕುಟುಂಬ ಕಲ್ಯಾಣ ಇಲಾಖೆ, ಕೆ.ಆರ್. ಪುರ, ಬೆಂಗಳೂರು-560064
ದೂರವಾಣಿ ಸಂಖ್ಯೆ: 080-25612333	ಇ-ಮೇಲ್: amoghkrpuram@gmail.com
ಸಂ: ಸಾ.ಆ/ಕೆ.ಆರ್.ಪುರ/ಟೆಂಡರ್/2024-25	ದಿನಾಂಕ: 28.09.2024
ಮರು ಟೆಂಡರ್ ಅಧಿಸೂಚನೆ
ಸಾರ್ವಜನಿಕ ಆಸ್ಪತ್ರೆ, ಕೆ.ಆರ್. ಪುರ, ಬೆಂಗಳೂರು ಇಲ್ಲಿಗೆ 2024-25ನೇ ಸಾಲಿಗೆ ಹೊರಗುತ್ತಿಗೆ ಆಧಾರದ ಮೇಲೆ ಸೇವೆಗಳನ್ನು ಒದಗಿಸಲು ಕರ್ನಾಟಕ ಸಾರ್ವಜನಿಕ ಸಂಗ್ರಹಣೆಗಳಲ್ಲಿ ಪಾರದರ್ಶಕತೆ ಅಧಿನಿಯಮ 1999 ಮತ್ತು ನಿಯಮಗಳು 2000ರನ್ವಯ ಇ-ಪ್ರೊಕ್ಯೂರ್‌ಮೆಂಟ್ ಮೂಲಕ ಅರ್ಹ ಟೆಂಡರ್‌ದಾರರಿಂದ ಟೆಂಡರ್ ಆಹ್ವಾನಿಸಲಾಗಿದೆ. ಟೆಂಡರ್ ದಾಖಲೆಗಳನ್ನು https://kppp.karnataka.gov.in ವೆಬ್‌ಸೈಟ್‌ನಿಂದ ಪಡೆಯಬಹುದು. DHFWS/2024-25/SE0867-CALL-2
1) ಟೆಂಡರ್ ಪ್ರಕಟಣೆ ದಿನಾಂಕ: 30.09.2024
2) ಟೆಂಡರ್ ಸಲ್ಲಿಸಲು ಕೊನೆಯ ದಿನಾಂಕ: 21.10.2024 ಸಂಜೆ 5:30 ರವರೆಗೆ
3) ತಾಂತ್ರಿಕ ಬಿಡ್ ತೆರೆಯುವ ದಿನಾಂಕ: 23.10.2024
4) ಪೂರ್ವ ಬಿಡ್ ಸಭೆ ದಿನಾಂಕ: 10.10.2024 ಬೆಳಗ್ಗೆ 11:30
ವಾ.ಸಾ.ಇ/2281/2024-25
ಸಹಿ/- ವೈದ್ಯಕೀಯ ಅಧೀಕ್ಷಕರು, ಸಾರ್ವಜನಿಕ ಆಸ್ಪತ್ರೆ, ಕೆ.ಆರ್. ಪುರ
